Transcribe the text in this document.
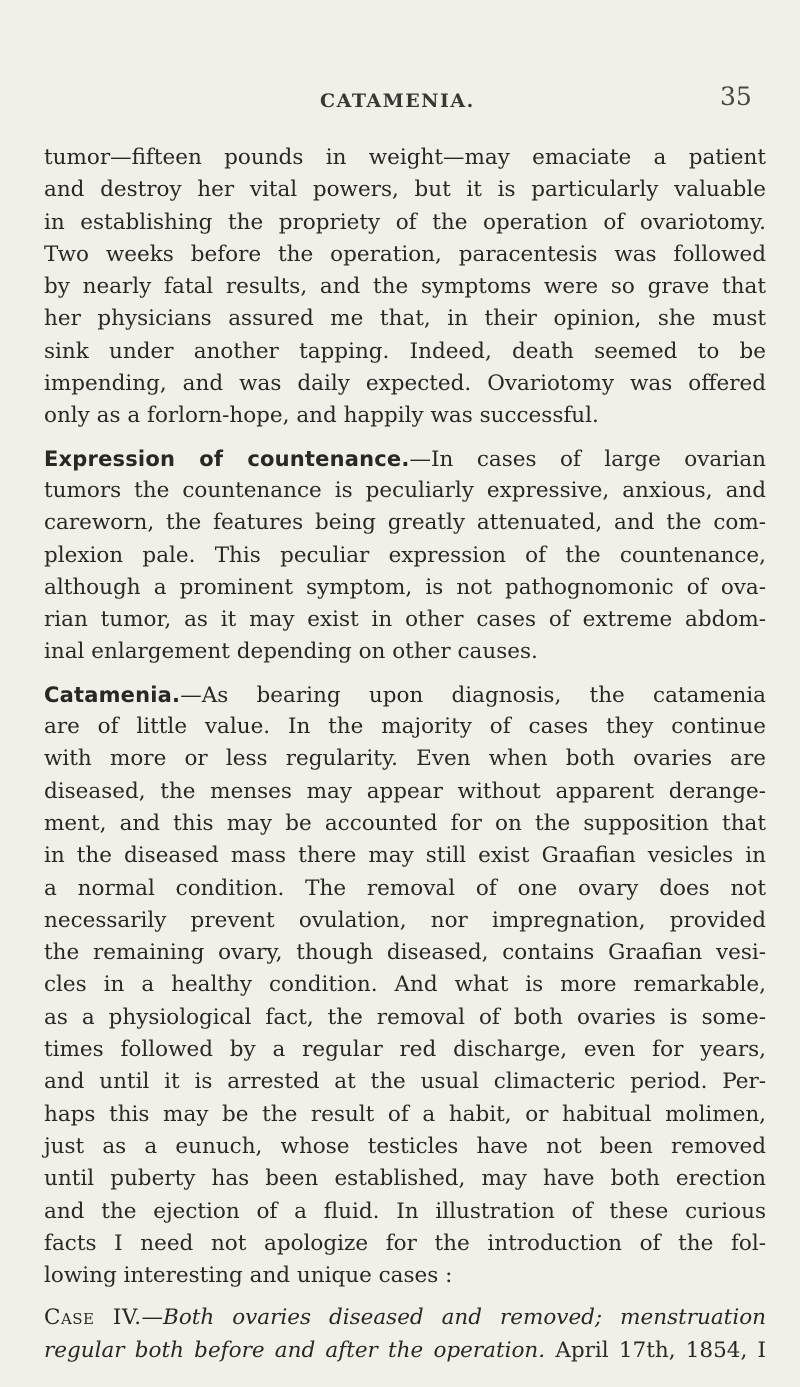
CATAMENIA.	35
tumor—fifteen pounds in weight—may emaciate a patient
and destroy her vital powers, but it is particularly valuable
in establishing the propriety of the operation of ovariotomy.
Two weeks before the operation, paracentesis was followed
by nearly fatal results, and the symptoms were so grave that
her physicians assured me that, in their opinion, she must
sink under another tapping. Indeed, death seemed to be
impending, and was daily expected. Ovariotomy was offered
only as a forlorn-hope, and happily was successful.
Expression of countenance.—In cases of large ovarian
tumors the countenance is peculiarly expressive, anxious, and
careworn, the features being greatly attenuated, and the com-
plexion pale. This peculiar expression of the countenance,
although a prominent symptom, is not pathognomonic of ova-
rian tumor, as it may exist in other cases of extreme abdom-
inal enlargement depending on other causes.
Catamenia.—As bearing upon diagnosis, the catamenia
are of little value. In the majority of cases they continue
with more or less regularity. Even when both ovaries are
diseased, the menses may appear without apparent derange-
ment, and this may be accounted for on the supposition that
in the diseased mass there may still exist Graafian vesicles in
a normal condition. The removal of one ovary does not
necessarily prevent ovulation, nor impregnation, provided
the remaining ovary, though diseased, contains Graafian vesi-
cles in a healthy condition. And what is more remarkable,
as a physiological fact, the removal of both ovaries is some-
times followed by a regular red discharge, even for years,
and until it is arrested at the usual climacteric period. Per-
haps this may be the result of a habit, or habitual molimen,
just as a eunuch, whose testicles have not been removed
until puberty has been established, may have both erection
and the ejection of a fluid. In illustration of these curious
facts I need not apologize for the introduction of the fol-
lowing interesting and unique cases :
Case IV.—Both ovaries diseased and removed; menstruation
regular both before and after the operation. April 17th, 1854, I
